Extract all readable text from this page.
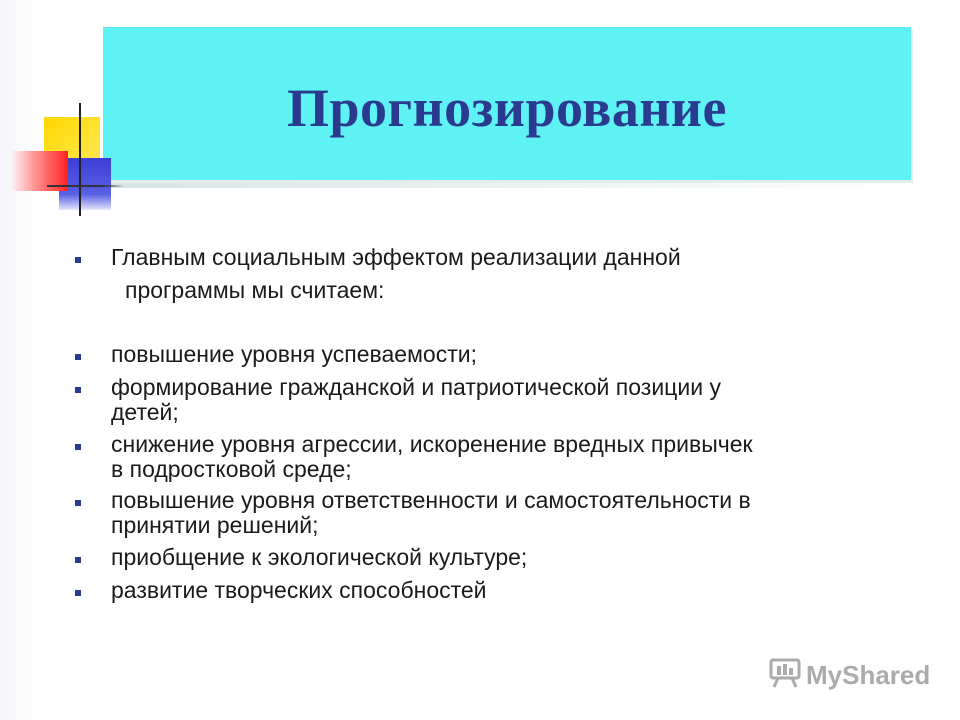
Прогнозирование
Главным социальным эффектом реализации данной
программы мы считаем:
повышение уровня успеваемости;
формирование гражданской и патриотической позиции у
детей;
снижение уровня агрессии, искоренение вредных привычек
в подростковой среде;
повышение уровня ответственности и самостоятельности в
принятии решений;
приобщение к экологической культуре;
развитие творческих способностей
MyShared
